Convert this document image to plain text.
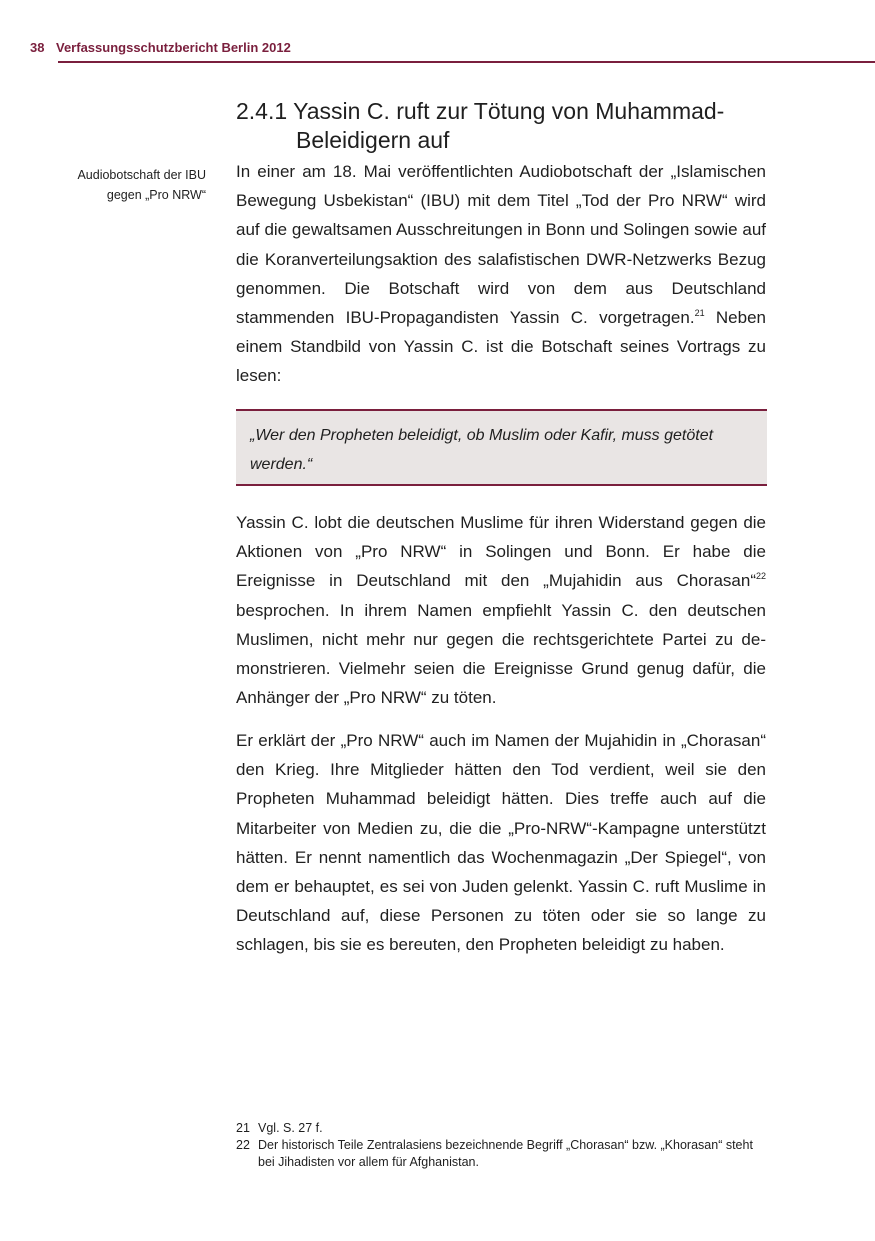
38 Verfassungsschutzbericht Berlin 2012
Audiobotschaft der IBU
gegen „Pro NRW“
2.4.1 Yassin C. ruft zur Tötung von Muhammad-
Beleidigern auf

In einer am 18. Mai veröffentlichten Audiobotschaft der „Islamischen Bewegung Usbekistan“ (IBU) mit dem Titel „Tod der Pro NRW“ wird auf die gewaltsamen Ausschreitungen in Bonn und Solingen sowie auf die Koranverteilungsaktion des salafistischen DWR-Netzwerks Bezug genommen. Die Botschaft wird von dem aus Deutschland stammenden IBU-Propagandisten Yassin C. vorgetragen.$^{21}$ Neben einem Standbild von Yassin C. ist die Botschaft seines Vortrags zu lesen:

„Wer den Propheten beleidigt, ob Muslim oder Kafir, muss getötet werden.“

Yassin C. lobt die deutschen Muslime für ihren Widerstand gegen die Aktionen von „Pro NRW“ in Solingen und Bonn. Er habe die Ereignisse in Deutschland mit den „Mujahidin aus Chorasan“$^{22}$ besprochen. In ihrem Namen empfiehlt Yassin C. den deutschen Muslimen, nicht mehr nur gegen die rechtsgerichtete Partei zu demonstrieren. Vielmehr seien die Ereignisse Grund genug dafür, die Anhänger der „Pro NRW“ zu töten.

Er erklärt der „Pro NRW“ auch im Namen der Mujahidin in „Chorasan“ den Krieg. Ihre Mitglieder hätten den Tod verdient, weil sie den Propheten Muhammad beleidigt hätten. Dies treffe auch auf die Mitarbeiter von Medien zu, die die „Pro-NRW“-Kampagne unterstützt hätten. Er nennt namentlich das Wochenmagazin „Der Spiegel“, von dem er behauptet, es sei von Juden gelenkt. Yassin C. ruft Muslime in Deutschland auf, diese Personen zu töten oder sie so lange zu schlagen, bis sie es bereuten, den Propheten beleidigt zu haben.

21 Vgl. S. 27 f.
22 Der historisch Teile Zentralasiens bezeichnende Begriff „Chorasan“ bzw. „Khorasan“ steht bei Jihadisten vor allem für Afghanistan.
